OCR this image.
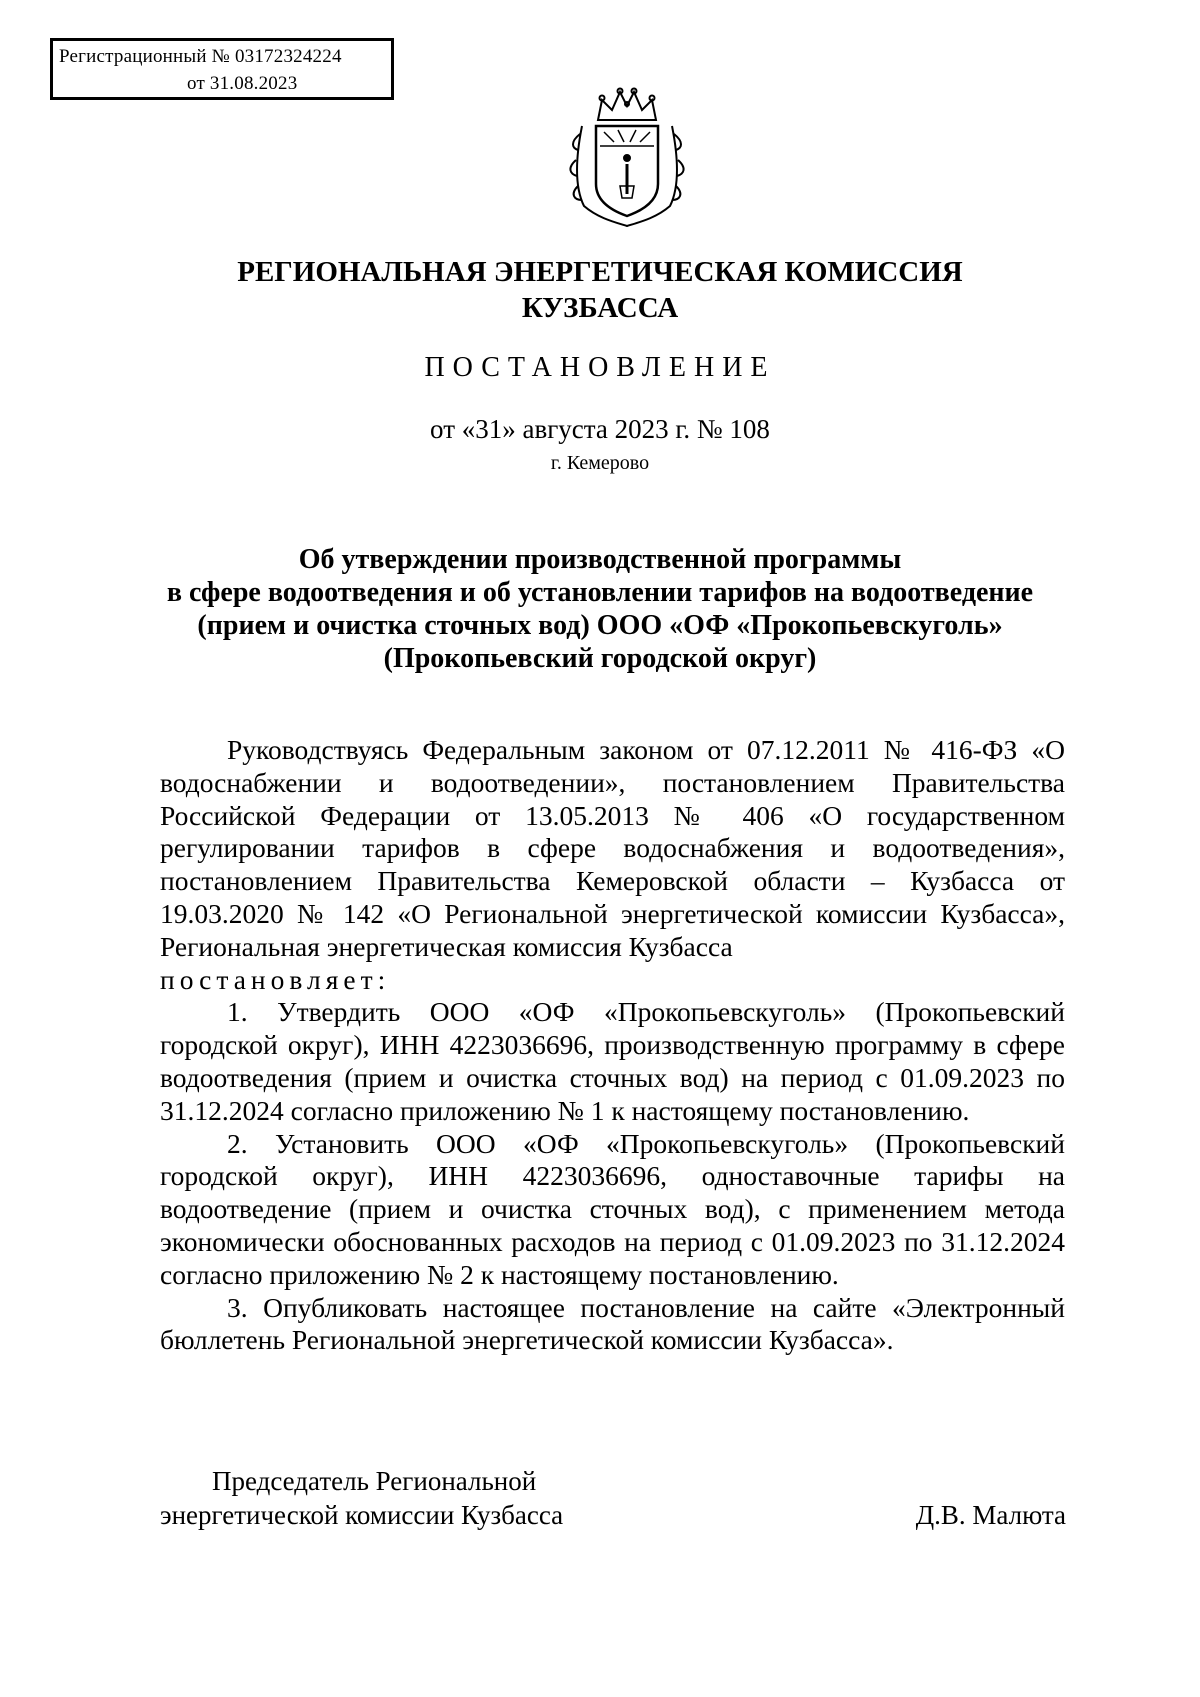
Регистрационный № 03172324224
от 31.08.2023
РЕГИОНАЛЬНАЯ ЭНЕРГЕТИЧЕСКАЯ КОМИССИЯ
КУЗБАССА
ПОСТАНОВЛЕНИЕ
от «31» августа 2023 г. № 108
г. Кемерово
Об утверждении производственной программы
в сфере водоотведения и об установлении тарифов на водоотведение
(прием и очистка сточных вод) ООО «ОФ «Прокопьевскуголь»
(Прокопьевский городской округ)

Руководствуясь Федеральным законом от 07.12.2011 № 416-ФЗ «О водоснабжении и водоотведении», постановлением Правительства Российской Федерации от 13.05.2013 № 406 «О государственном регулировании тарифов в сфере водоснабжения и водоотведения», постановлением Правительства Кемеровской области – Кузбасса от 19.03.2020 № 142 «О Региональной энергетической комиссии Кузбасса», Региональная энергетическая комиссия Кузбасса

постановляет:

1. Утвердить ООО «ОФ «Прокопьевскуголь» (Прокопьевский городской округ), ИНН 4223036696, производственную программу в сфере водоотведения (прием и очистка сточных вод) на период с 01.09.2023 по 31.12.2024 согласно приложению № 1 к настоящему постановлению.

2. Установить ООО «ОФ «Прокопьевскуголь» (Прокопьевский городской округ), ИНН 4223036696, одноставочные тарифы на водоотведение (прием и очистка сточных вод), с применением метода экономически обоснованных расходов на период с 01.09.2023 по 31.12.2024 согласно приложению № 2 к настоящему постановлению.

3. Опубликовать настоящее постановление на сайте «Электронный бюллетень Региональной энергетической комиссии Кузбасса».

Председатель Региональной
энергетической комиссии Кузбасса	Д.В. Малюта
